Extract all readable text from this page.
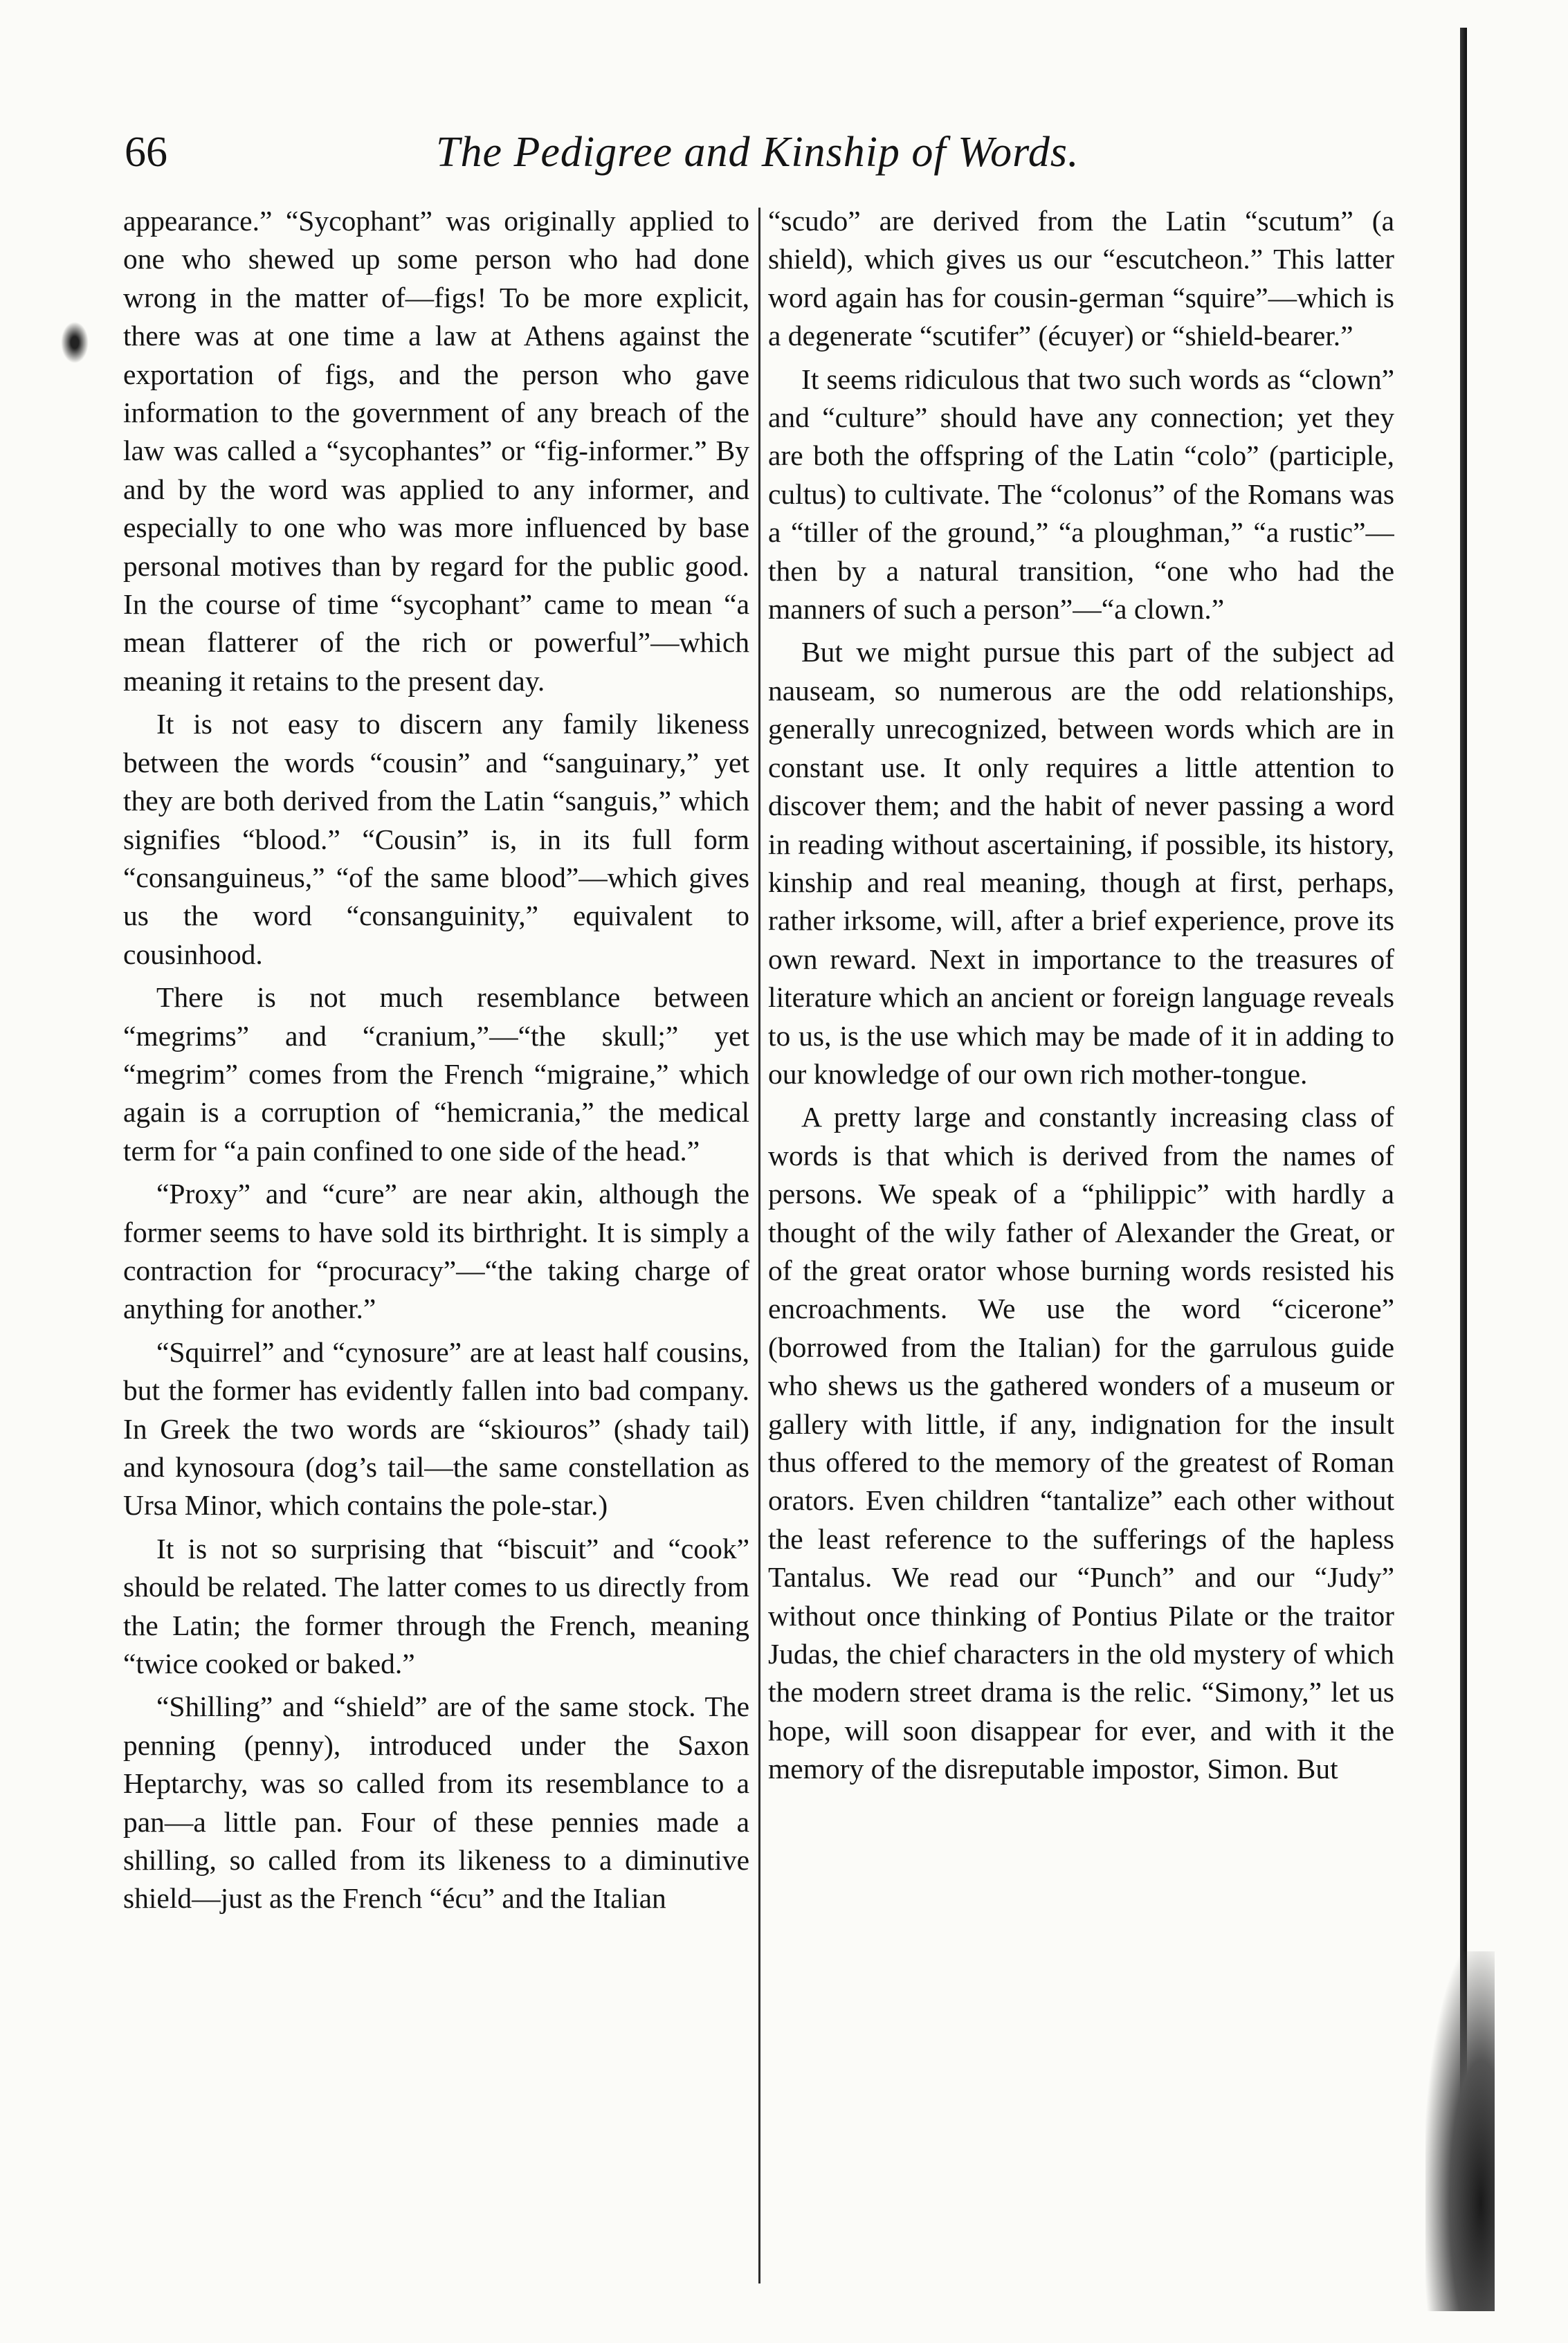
66	The Pedigree and Kinship of Words.

appearance.” “Sycophant” was originally applied to one who shewed up some person who had done wrong in the matter of—figs! To be more explicit, there was at one time a law at Athens against the exportation of figs, and the person who gave information to the government of any breach of the law was called a “sycophantes” or “fig-informer.” By and by the word was applied to any informer, and especially to one who was more influenced by base personal motives than by regard for the public good. In the course of time “sycophant” came to mean “a mean flatterer of the rich or powerful”—which meaning it retains to the present day.

It is not easy to discern any family likeness between the words “cousin” and “sanguinary,” yet they are both derived from the Latin “sanguis,” which signifies “blood.” “Cousin” is, in its full form “consanguineus,” “of the same blood”—which gives us the word “consanguinity,” equivalent to cousinhood.

There is not much resemblance between “megrims” and “cranium,”—“the skull;” yet “megrim” comes from the French “migraine,” which again is a corruption of “hemicrania,” the medical term for “a pain confined to one side of the head.”

“Proxy” and “cure” are near akin, although the former seems to have sold its birthright. It is simply a contraction for “procuracy”—“the taking charge of anything for another.”

“Squirrel” and “cynosure” are at least half cousins, but the former has evidently fallen into bad company. In Greek the two words are “skiouros” (shady tail) and kynosoura (dog’s tail—the same constellation as Ursa Minor, which contains the pole-star.)

It is not so surprising that “biscuit” and “cook” should be related. The latter comes to us directly from the Latin; the former through the French, meaning “twice cooked or baked.”

“Shilling” and “shield” are of the same stock. The penning (penny), introduced under the Saxon Heptarchy, was so called from its resemblance to a pan—a little pan. Four of these pennies made a shilling, so called from its likeness to a diminutive shield—just as the French “écu” and the Italian

“scudo” are derived from the Latin “scutum” (a shield), which gives us our “escutcheon.” This latter word again has for cousin-german “squire”—which is a degenerate “scutifer” (écuyer) or “shield-bearer.”

It seems ridiculous that two such words as “clown” and “culture” should have any connection; yet they are both the offspring of the Latin “colo” (participle, cultus) to cultivate. The “colonus” of the Romans was a “tiller of the ground,” “a ploughman,” “a rustic”—then by a natural transition, “one who had the manners of such a person”—“a clown.”

But we might pursue this part of the subject ad nauseam, so numerous are the odd relationships, generally unrecognized, between words which are in constant use. It only requires a little attention to discover them; and the habit of never passing a word in reading without ascertaining, if possible, its history, kinship and real meaning, though at first, perhaps, rather irksome, will, after a brief experience, prove its own reward. Next in importance to the treasures of literature which an ancient or foreign language reveals to us, is the use which may be made of it in adding to our knowledge of our own rich mother-tongue.

A pretty large and constantly increasing class of words is that which is derived from the names of persons. We speak of a “philippic” with hardly a thought of the wily father of Alexander the Great, or of the great orator whose burning words resisted his encroachments. We use the word “cicerone” (borrowed from the Italian) for the garrulous guide who shews us the gathered wonders of a museum or gallery with little, if any, indignation for the insult thus offered to the memory of the greatest of Roman orators. Even children “tantalize” each other without the least reference to the sufferings of the hapless Tantalus. We read our “Punch” and our “Judy” without once thinking of Pontius Pilate or the traitor Judas, the chief characters in the old mystery of which the modern street drama is the relic. “Simony,” let us hope, will soon disappear for ever, and with it the memory of the disreputable impostor, Simon. But
